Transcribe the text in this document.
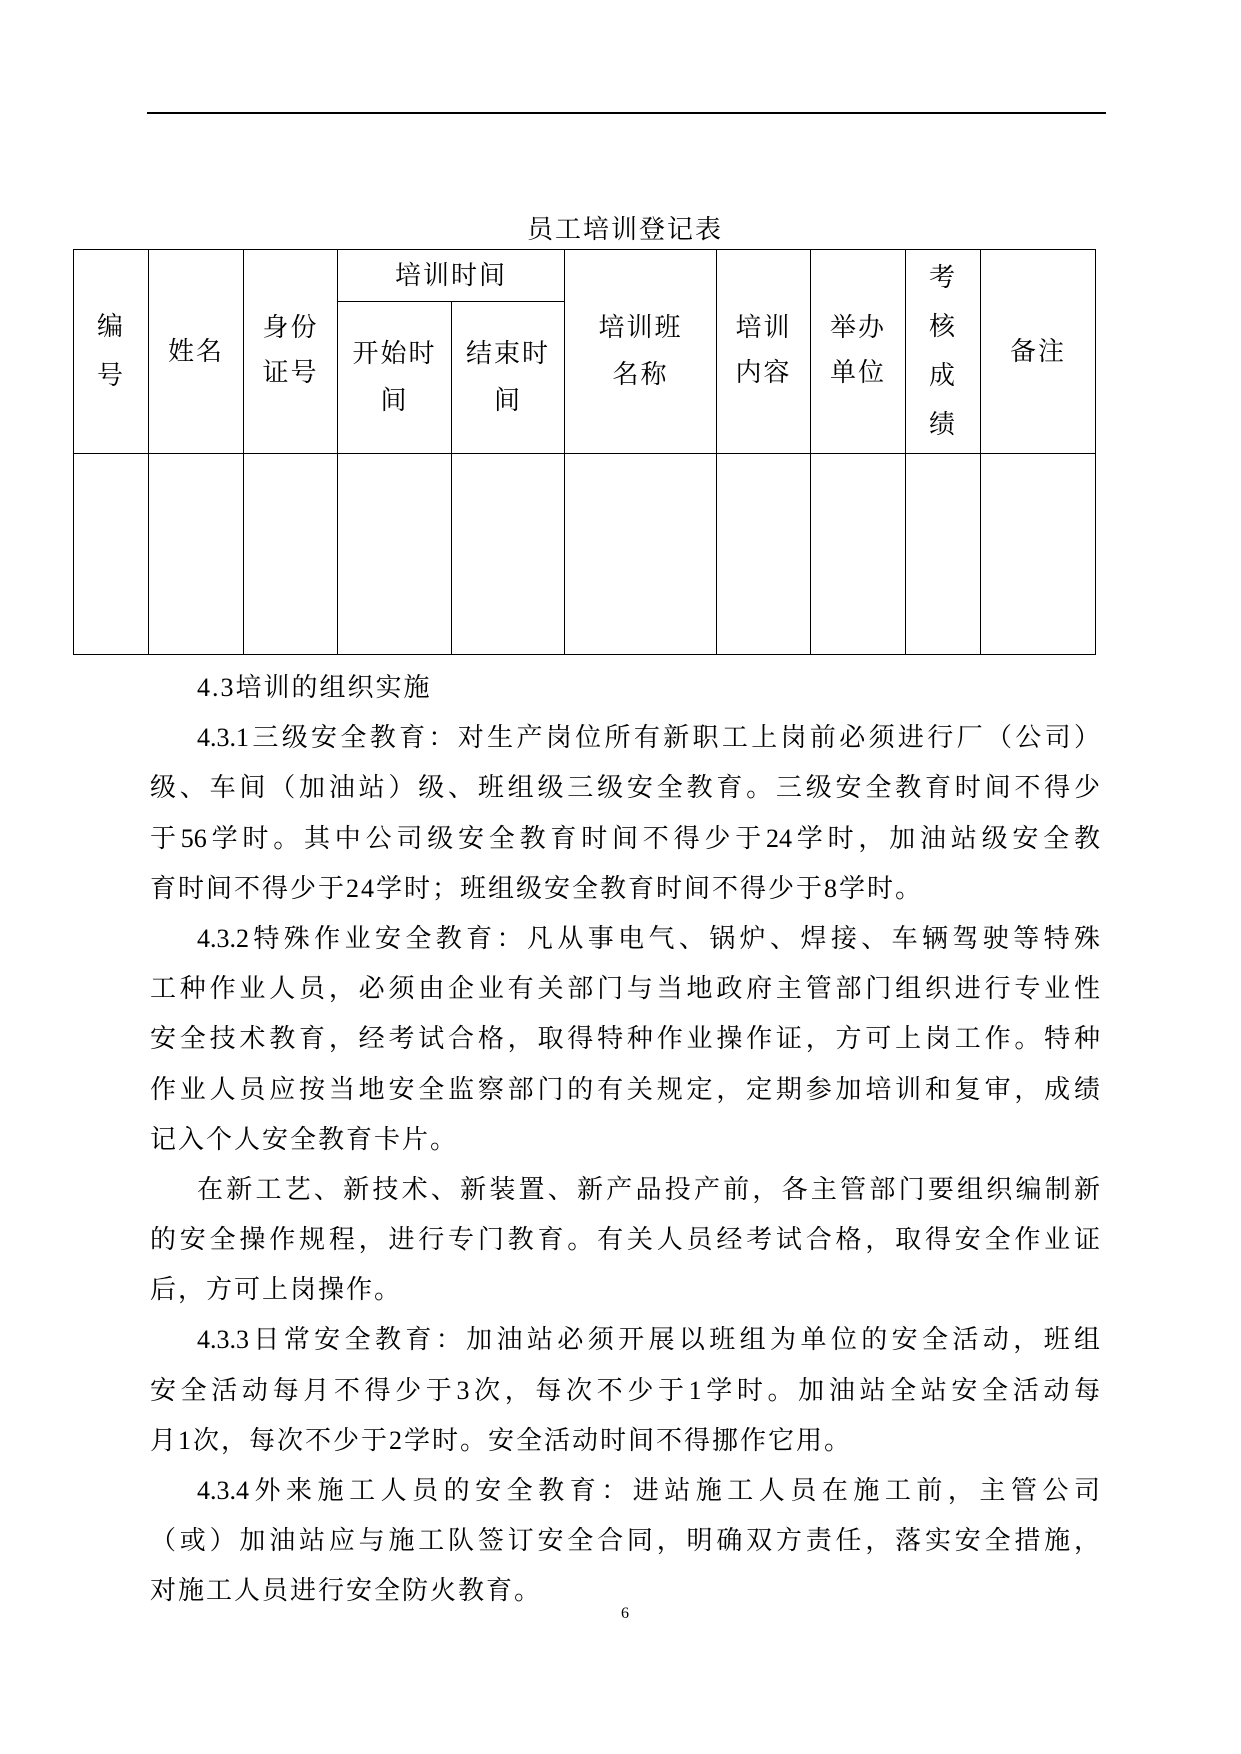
员工培训登记表
编号	姓名	身份证号	培训时间		培训班名称	培训内容	举办单位	考核成绩	备注
			开始时间	结束时间					

4.3培训的组织实施
4.3.1三级安全教育：对生产岗位所有新职工上岗前必须进行厂（公司）
级、车间（加油站）级、班组级三级安全教育。三级安全教育时间不得少
于56学时。其中公司级安全教育时间不得少于24学时，加油站级安全教
育时间不得少于24学时；班组级安全教育时间不得少于8学时。
4.3.2特殊作业安全教育：凡从事电气、锅炉、焊接、车辆驾驶等特殊
工种作业人员，必须由企业有关部门与当地政府主管部门组织进行专业性
安全技术教育，经考试合格，取得特种作业操作证，方可上岗工作。特种
作业人员应按当地安全监察部门的有关规定，定期参加培训和复审，成绩
记入个人安全教育卡片。
在新工艺、新技术、新装置、新产品投产前，各主管部门要组织编制新
的安全操作规程，进行专门教育。有关人员经考试合格，取得安全作业证
后，方可上岗操作。
4.3.3日常安全教育：加油站必须开展以班组为单位的安全活动，班组
安全活动每月不得少于3次，每次不少于1学时。加油站全站安全活动每
月1次，每次不少于2学时。安全活动时间不得挪作它用。
4.3.4外来施工人员的安全教育：进站施工人员在施工前，主管公司
（或）加油站应与施工队签订安全合同，明确双方责任，落实安全措施，
对施工人员进行安全防火教育。
6
